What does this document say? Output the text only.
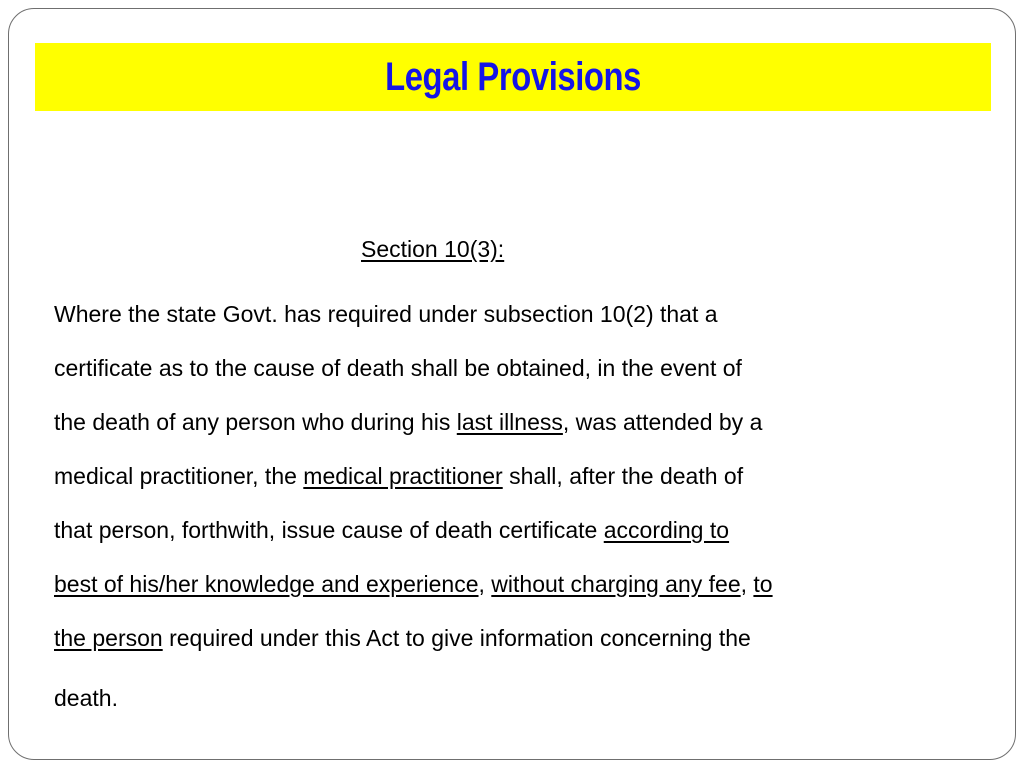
Legal Provisions
Section 10(3):
Where the state Govt. has required under subsection 10(2) that a
certificate as to the cause of death shall be obtained, in the event of
the death of any person who during his last illness, was attended by a
medical practitioner, the medical practitioner shall, after the death of
that person, forthwith, issue cause of death certificate according to
best of his/her knowledge and experience, without charging any fee, to
the person required under this Act to give information concerning the
death.
